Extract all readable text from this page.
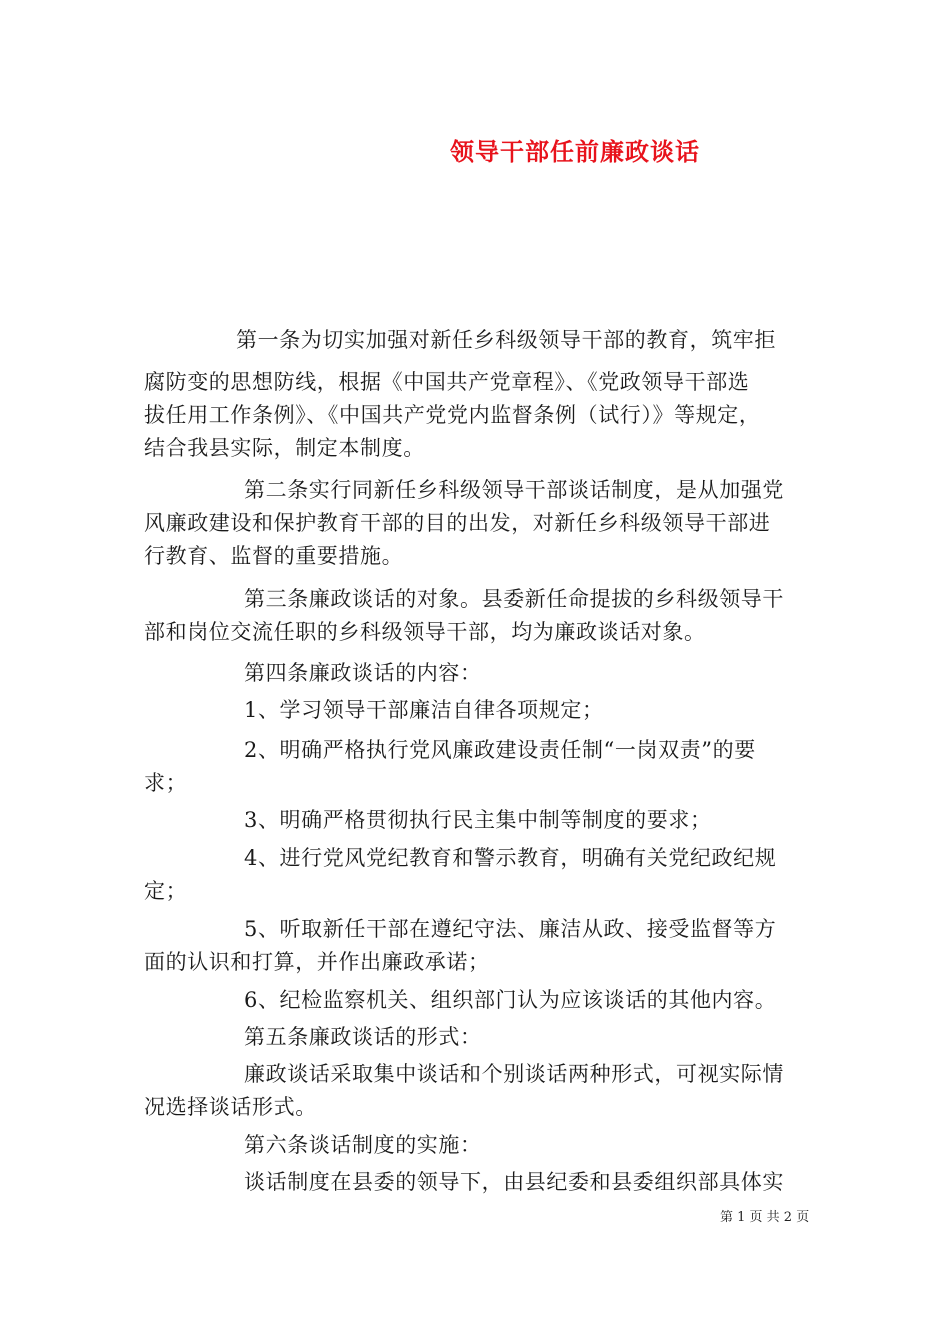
领导干部任前廉政谈话
第一条为切实加强对新任乡科级领导干部的教育，筑牢拒
腐防变的思想防线，根据《中国共产党章程》、《党政领导干部选
拔任用工作条例》、《中国共产党党内监督条例（试行）》等规定，
结合我县实际，制定本制度。
第二条实行同新任乡科级领导干部谈话制度，是从加强党
风廉政建设和保护教育干部的目的出发，对新任乡科级领导干部进
行教育、监督的重要措施。
第三条廉政谈话的对象。县委新任命提拔的乡科级领导干
部和岗位交流任职的乡科级领导干部，均为廉政谈话对象。
第四条廉政谈话的内容：
1、学习领导干部廉洁自律各项规定；
2、明确严格执行党风廉政建设责任制“一岗双责”的要
求；
3、明确严格贯彻执行民主集中制等制度的要求；
4、进行党风党纪教育和警示教育，明确有关党纪政纪规
定；
5、听取新任干部在遵纪守法、廉洁从政、接受监督等方
面的认识和打算，并作出廉政承诺；
6、纪检监察机关、组织部门认为应该谈话的其他内容。
第五条廉政谈话的形式：
廉政谈话采取集中谈话和个别谈话两种形式，可视实际情
况选择谈话形式。
第六条谈话制度的实施：
谈话制度在县委的领导下，由县纪委和县委组织部具体实
第 1 页 共 2 页
